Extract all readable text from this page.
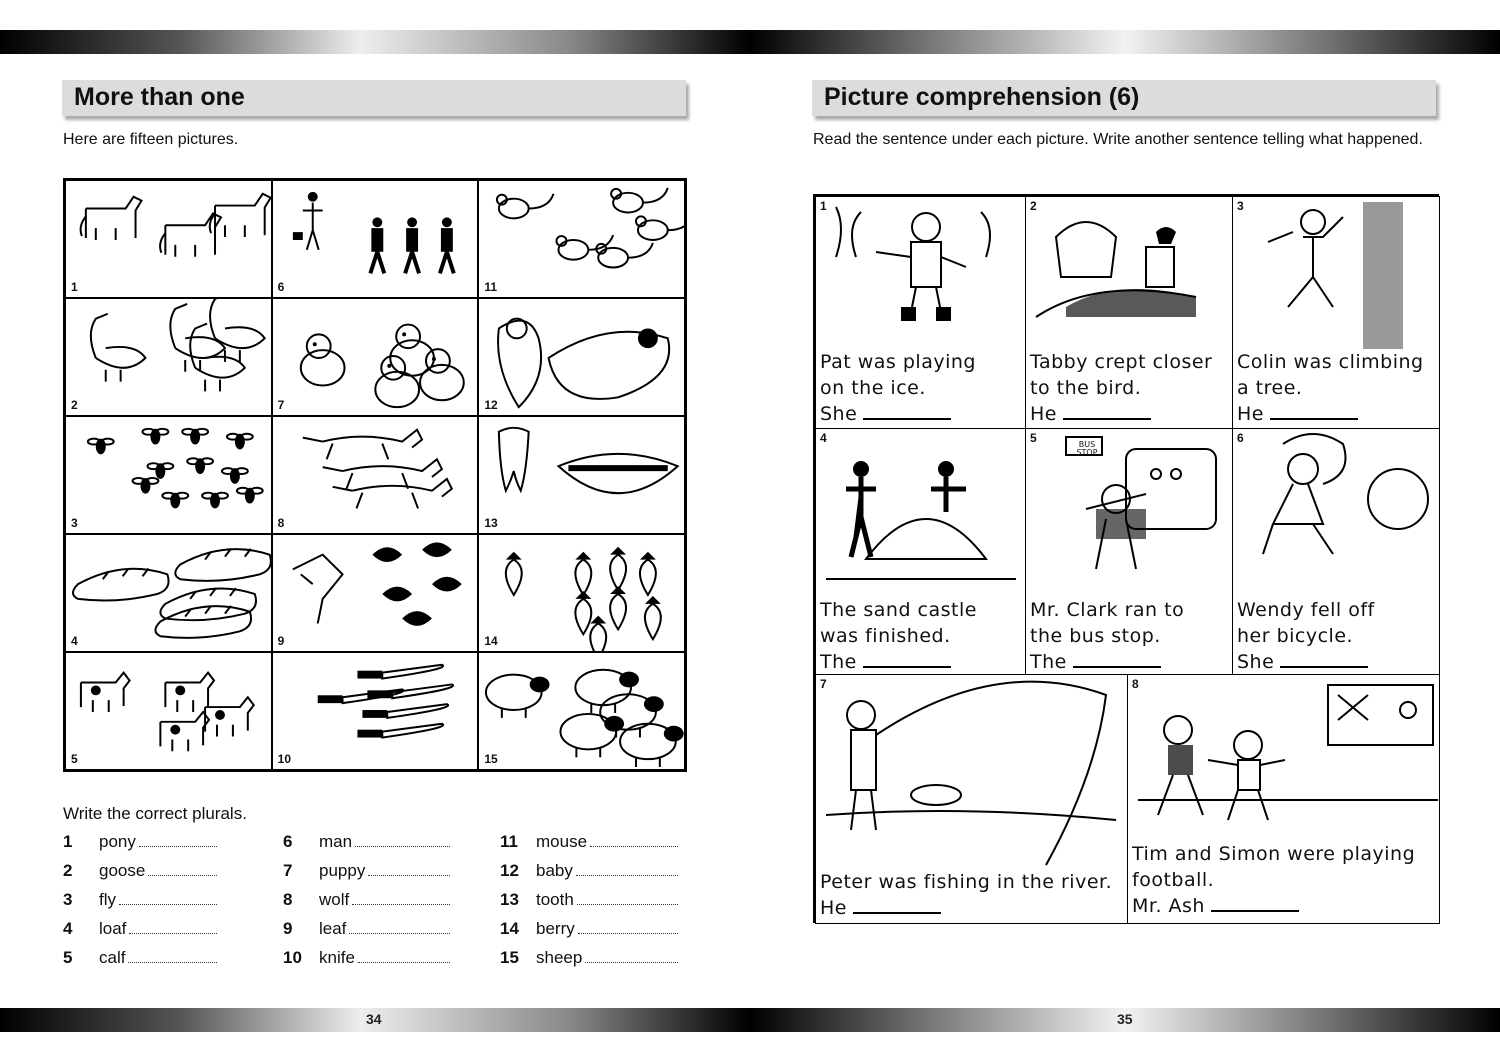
More than one
Here are fifteen pictures.
1	6	11
2	7	12
3	8	13
4	9	14
5	10	15
Write the correct plurals.
1	pony
2	goose
3	fly
4	loaf
5	calf
6	man
7	puppy
8	wolf
9	leaf
10	knife
11	mouse
12	baby
13	tooth
14	berry
15	sheep
Picture comprehension (6)
Read the sentence under each picture. Write another sentence telling what happened.
1
Pat was playing
on the ice.
She
2
Tabby crept closer
to the bird.
He
3
Colin was climbing
a tree.
He
4
The sand castle
was finished.
The
BUS STOP
5
Mr. Clark ran to
the bus stop.
The
6
Wendy fell off
her bicycle.
She
7
Peter was fishing in the river.
He
8
Tim and Simon were playing
football.
Mr. Ash
34	35
